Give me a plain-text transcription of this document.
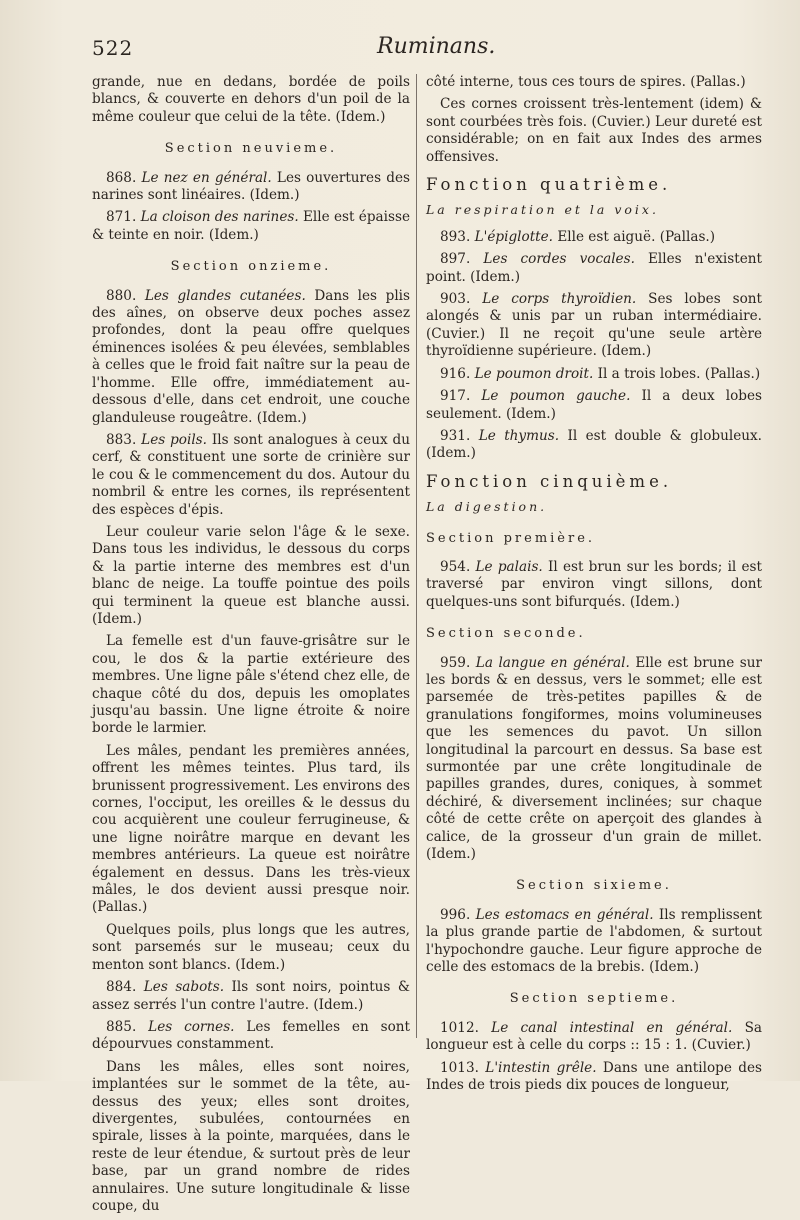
522	Ruminans.

grande, nue en dedans, bordée de poils blancs, & couverte en dehors d'un poil de la même couleur que celui de la tête. (Idem.)

Section neuvieme.

868. Le nez en général. Les ouvertures des narines sont linéaires. (Idem.)

871. La cloison des narines. Elle est épaisse & teinte en noir. (Idem.)

Section onzieme.

880. Les glandes cutanées. Dans les plis des aînes, on observe deux poches assez profondes, dont la peau offre quelques éminences isolées & peu élevées, semblables à celles que le froid fait naître sur la peau de l'homme. Elle offre, immédiatement au-dessous d'elle, dans cet endroit, une couche glanduleuse rougeâtre. (Idem.)

883. Les poils. Ils sont analogues à ceux du cerf, & constituent une sorte de crinière sur le cou & le commencement du dos. Autour du nombril & entre les cornes, ils représentent des espèces d'épis.

Leur couleur varie selon l'âge & le sexe. Dans tous les individus, le dessous du corps & la partie interne des membres est d'un blanc de neige. La touffe pointue des poils qui terminent la queue est blanche aussi. (Idem.)

La femelle est d'un fauve-grisâtre sur le cou, le dos & la partie extérieure des membres. Une ligne pâle s'étend chez elle, de chaque côté du dos, depuis les omoplates jusqu'au bassin. Une ligne étroite & noire borde le larmier.

Les mâles, pendant les premières années, offrent les mêmes teintes. Plus tard, ils brunissent progressivement. Les environs des cornes, l'occiput, les oreilles & le dessus du cou acquièrent une couleur ferrugineuse, & une ligne noirâtre marque en devant les membres antérieurs. La queue est noirâtre également en dessus. Dans les très-vieux mâles, le dos devient aussi presque noir. (Pallas.)

Quelques poils, plus longs que les autres, sont parsemés sur le museau; ceux du menton sont blancs. (Idem.)

884. Les sabots. Ils sont noirs, pointus & assez serrés l'un contre l'autre. (Idem.)

885. Les cornes. Les femelles en sont dépourvues constamment.

Dans les mâles, elles sont noires, implantées sur le sommet de la tête, au-dessus des yeux; elles sont droites, divergentes, subulées, contournées en spirale, lisses à la pointe, marquées, dans le reste de leur étendue, & surtout près de leur base, par un grand nombre de rides annulaires. Une suture longitudinale & lisse coupe, du

côté interne, tous ces tours de spires. (Pallas.)

Ces cornes croissent très-lentement (idem) & sont courbées très fois. (Cuvier.) Leur dureté est considérable; on en fait aux Indes des armes offensives.

Fonction quatrième.
La respiration et la voix.

893. L'épiglotte. Elle est aiguë. (Pallas.)

897. Les cordes vocales. Elles n'existent point. (Idem.)

903. Le corps thyroïdien. Ses lobes sont alongés & unis par un ruban intermédiaire. (Cuvier.) Il ne reçoit qu'une seule artère thyroïdienne supérieure. (Idem.)

916. Le poumon droit. Il a trois lobes. (Pallas.)

917. Le poumon gauche. Il a deux lobes seulement. (Idem.)

931. Le thymus. Il est double & globuleux. (Idem.)

Fonction cinquième.
La digestion.
Section première.

954. Le palais. Il est brun sur les bords; il est traversé par environ vingt sillons, dont quelques-uns sont bifurqués. (Idem.)

Section seconde.

959. La langue en général. Elle est brune sur les bords & en dessus, vers le sommet; elle est parsemée de très-petites papilles & de granulations fongiformes, moins volumineuses que les semences du pavot. Un sillon longitudinal la parcourt en dessus. Sa base est surmontée par une crête longitudinale de papilles grandes, dures, coniques, à sommet déchiré, & diversement inclinées; sur chaque côté de cette crête on aperçoit des glandes à calice, de la grosseur d'un grain de millet. (Idem.)

Section sixieme.

996. Les estomacs en général. Ils remplissent la plus grande partie de l'abdomen, & surtout l'hypochondre gauche. Leur figure approche de celle des estomacs de la brebis. (Idem.)

Section septieme.

1012. Le canal intestinal en général. Sa longueur est à celle du corps :: 15 : 1. (Cuvier.)

1013. L'intestin grêle. Dans une antilope des Indes de trois pieds dix pouces de longueur,
